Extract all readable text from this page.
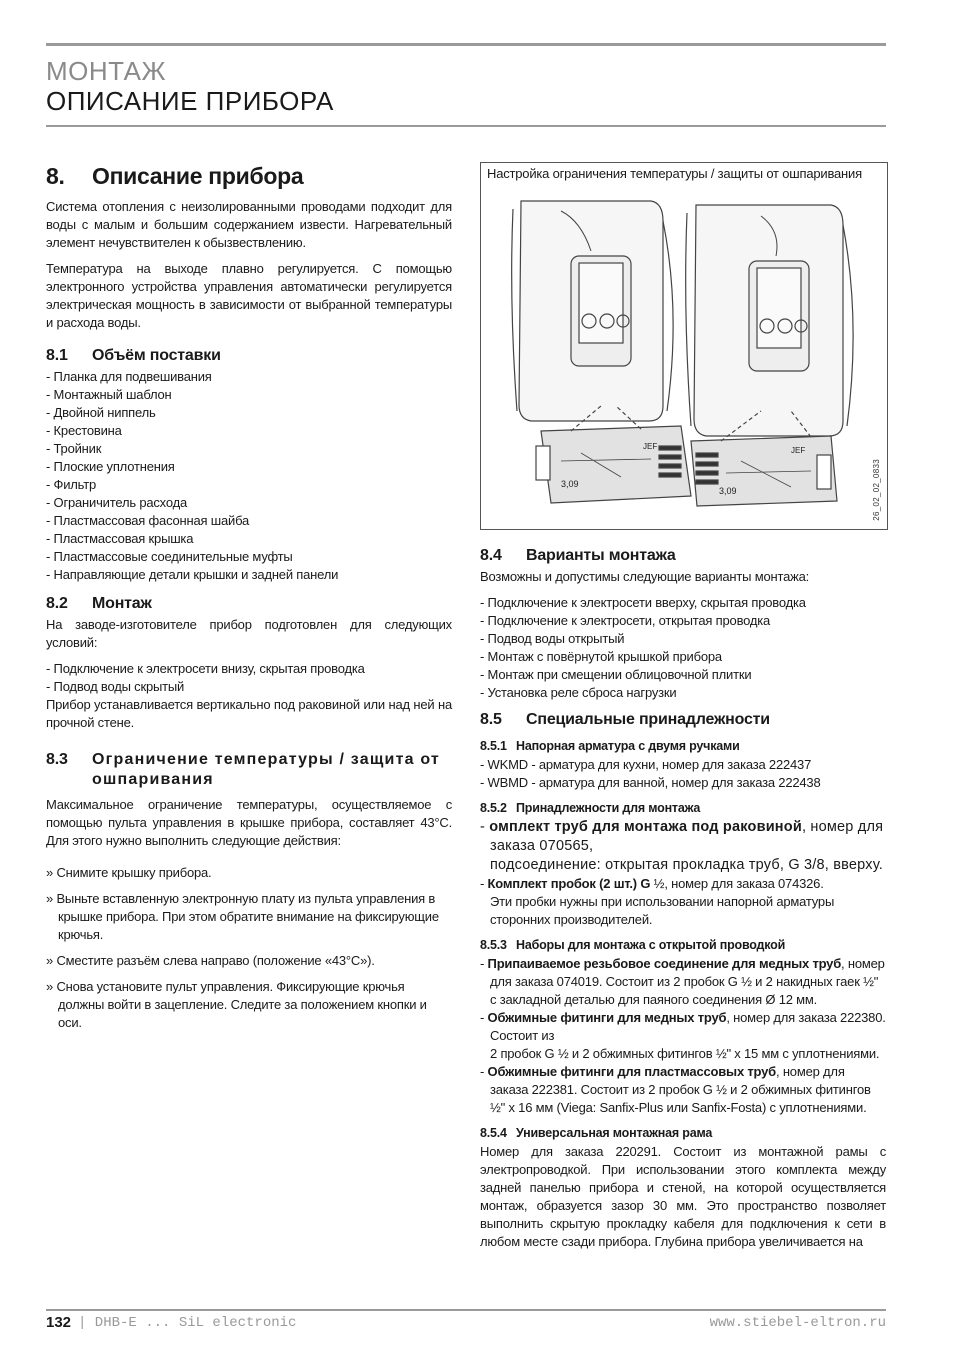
МОНТАЖ
ОПИСАНИЕ ПРИБОРА
8. Описание прибора

Система отопления с неизолированными проводами подходит для воды с малым и большим содержанием извести. Нагревательный элемент нечувствителен к обызвествлению.

Температура на выходе плавно регулируется. С помощью электронного устройства управления автоматически регулируется электрическая мощность в зависимости от выбранной температуры и расхода воды.

8.1 Объём поставки
- Планка для подвешивания
- Монтажный шаблон
- Двойной ниппель
- Крестовина
- Тройник
- Плоские уплотнения
- Фильтр
- Ограничитель расхода
- Пластмассовая фасонная шайба
- Пластмассовая крышка
- Пластмассовые соединительные муфты
- Направляющие детали крышки и задней панели
8.2 Монтаж

На заводе-изготовителе прибор подготовлен для следующих условий:

- Подключение к электросети внизу, скрытая проводка
- Подвод воды скрытый

Прибор устанавливается вертикально под раковиной или над ней на прочной стене.

8.3	Ограничение температуры / защита от ошпаривания

Максимальное ограничение температуры, осуществляемое с помощью пульта управления в крышке прибора, составляет 43°C. Для этого нужно выполнить следующие действия:

» Снимите крышку прибора.
» Выньте вставленную электронную плату из пульта управления в крышке прибора. При этом обратите внимание на фиксирующие крючья.
» Сместите разъём слева направо (положение «43°C»).
» Снова установите пульт управления. Фиксирующие крючья должны войти в зацепление. Следите за положением кнопки и оси.
Настройка ограничения температуры / защиты от ошпаривания
3,09
3,09
JEF	JEF
26_02_02_0833
8.4 Варианты монтажа

Возможны и допустимы следующие варианты монтажа:

- Подключение к электросети вверху, скрытая проводка
- Подключение к электросети, открытая проводка
- Подвод воды открытый
- Монтаж с повёрнутой крышкой прибора
- Монтаж при смещении облицовочной плитки
- Установка реле сброса нагрузки
8.5 Специальные принадлежности
8.5.1 Напорная арматура с двумя ручками
- WKMD - арматура для кухни, номер для заказа 222437
- WBMD - арматура для ванной, номер для заказа 222438
8.5.2 Принадлежности для монтажа
- омплект труб для монтажа под раковиной, номер для заказа 070565,
подсоединение: открытая прокладка труб, G 3/8, вверху.
- Комплект пробок (2 шт.) G ½, номер для заказа 074326.
Эти пробки нужны при использовании напорной арматуры сторонних производителей.
8.5.3 Наборы для монтажа с открытой проводкой
- Припаиваемое резьбовое соединение для медных труб, номер для заказа 074019. Состоит из 2 пробок G ½ и 2 накидных гаек ½" с закладной деталью для паяного соединения Ø 12 мм.
- Обжимные фитинги для медных труб, номер для заказа 222380. Состоит из
2 пробок G ½ и 2 обжимных фитингов ½" x 15 мм с уплотнениями.
- Обжимные фитинги для пластмассовых труб, номер для заказа 222381. Состоит из 2 пробок G ½ и 2 обжимных фитингов ½" x 16 мм (Viega: Sanfix-Plus или Sanfix-Fosta) с уплотнениями.
8.5.4 Универсальная монтажная рама

Номер для заказа 220291. Состоит из монтажной рамы с электропроводкой. При использовании этого комплекта между задней панелью прибора и стеной, на которой осуществляется монтаж, образуется зазор 30 мм. Это пространство позволяет выполнить скрытую прокладку кабеля для подключения к сети в любом месте сзади прибора. Глубина прибора увеличивается на

132 | DHB-E ... SiL electronic	www.stiebel-eltron.ru
